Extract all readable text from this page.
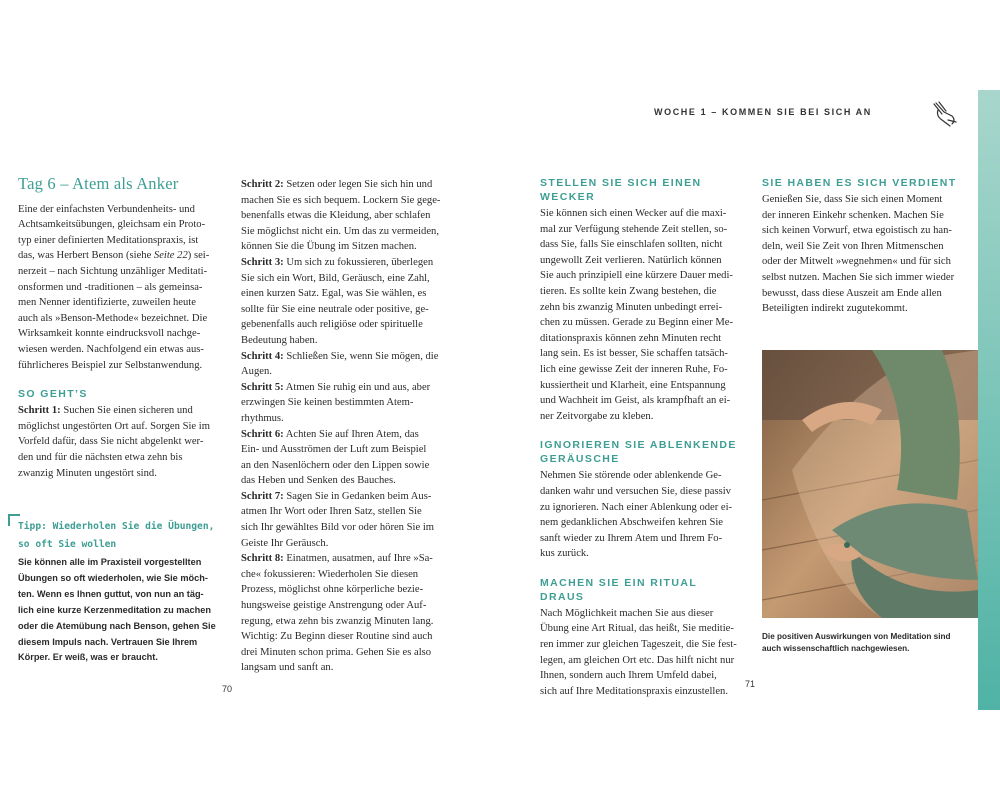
WOCHE 1 – KOMMEN SIE BEI SICH AN
Tag 6 – Atem als Anker

Eine der einfachsten Verbundenheits- und
Achtsamkeitsübungen, gleichsam ein Proto-
typ einer definierten Meditationspraxis, ist
das, was Herbert Benson (siehe Seite 22) sei-
nerzeit – nach Sichtung unzähliger Meditati-
onsformen und -traditionen – als gemeinsa-
men Nenner identifizierte, zuweilen heute
auch als »Benson-Methode« bezeichnet. Die
Wirksamkeit konnte eindrucksvoll nachge-
wiesen werden. Nachfolgend ein etwas aus-
führlicheres Beispiel zur Selbstanwendung.

SO GEHT’S

Schritt 1: Suchen Sie einen sicheren und
möglichst ungestörten Ort auf. Sorgen Sie im
Vorfeld dafür, dass Sie nicht abgelenkt wer-
den und für die nächsten etwa zehn bis
zwanzig Minuten ungestört sind.

Tipp: Wiederholen Sie die Übungen,
so oft Sie wollen
Sie können alle im Praxisteil vorgestellten
Übungen so oft wiederholen, wie Sie möch-
ten. Wenn es Ihnen guttut, von nun an täg-
lich eine kurze Kerzenmeditation zu machen
oder die Atemübung nach Benson, gehen Sie
diesem Impuls nach. Vertrauen Sie Ihrem
Körper. Er weiß, was er braucht.
70

Schritt 2: Setzen oder legen Sie sich hin und
machen Sie es sich bequem. Lockern Sie gege-
benenfalls etwas die Kleidung, aber schlafen
Sie möglichst nicht ein. Um das zu vermeiden,
können Sie die Übung im Sitzen machen.

Schritt 3: Um sich zu fokussieren, überlegen
Sie sich ein Wort, Bild, Geräusch, eine Zahl,
einen kurzen Satz. Egal, was Sie wählen, es
sollte für Sie eine neutrale oder positive, ge-
gebenenfalls auch religiöse oder spirituelle
Bedeutung haben.

Schritt 4: Schließen Sie, wenn Sie mögen, die
Augen.

Schritt 5: Atmen Sie ruhig ein und aus, aber
erzwingen Sie keinen bestimmten Atem-
rhythmus.

Schritt 6: Achten Sie auf Ihren Atem, das
Ein- und Ausströmen der Luft zum Beispiel
an den Nasenlöchern oder den Lippen sowie
das Heben und Senken des Bauches.

Schritt 7: Sagen Sie in Gedanken beim Aus-
atmen Ihr Wort oder Ihren Satz, stellen Sie
sich Ihr gewähltes Bild vor oder hören Sie im
Geiste Ihr Geräusch.

Schritt 8: Einatmen, ausatmen, auf Ihre »Sa-
che« fokussieren: Wiederholen Sie diesen
Prozess, möglichst ohne körperliche bezie-
hungsweise geistige Anstrengung oder Auf-
regung, etwa zehn bis zwanzig Minuten lang.
Wichtig: Zu Beginn dieser Routine sind auch
drei Minuten schon prima. Gehen Sie es also
langsam und sanft an.

STELLEN SIE SICH EINEN WECKER

Sie können sich einen Wecker auf die maxi-
mal zur Verfügung stehende Zeit stellen, so-
dass Sie, falls Sie einschlafen sollten, nicht
ungewollt Zeit verlieren. Natürlich können
Sie auch prinzipiell eine kürzere Dauer medi-
tieren. Es sollte kein Zwang bestehen, die
zehn bis zwanzig Minuten unbedingt errei-
chen zu müssen. Gerade zu Beginn einer Me-
ditationspraxis können zehn Minuten recht
lang sein. Es ist besser, Sie schaffen tatsäch-
lich eine gewisse Zeit der inneren Ruhe, Fo-
kussiertheit und Klarheit, eine Entspannung
und Wachheit im Geist, als krampfhaft an ei-
ner Zeitvorgabe zu kleben.

IGNORIEREN SIE ABLENKENDE
GERÄUSCHE

Nehmen Sie störende oder ablenkende Ge-
danken wahr und versuchen Sie, diese passiv
zu ignorieren. Nach einer Ablenkung oder ei-
nem gedanklichen Abschweifen kehren Sie
sanft wieder zu Ihrem Atem und Ihrem Fo-
kus zurück.

MACHEN SIE EIN RITUAL DRAUS

Nach Möglichkeit machen Sie aus dieser
Übung eine Art Ritual, das heißt, Sie meditie-
ren immer zur gleichen Tageszeit, die Sie fest-
legen, am gleichen Ort etc. Das hilft nicht nur
Ihnen, sondern auch Ihrem Umfeld dabei,
sich auf Ihre Meditationspraxis einzustellen.

SIE HABEN ES SICH VERDIENT

Genießen Sie, dass Sie sich einen Moment
der inneren Einkehr schenken. Machen Sie
sich keinen Vorwurf, etwa egoistisch zu han-
deln, weil Sie Zeit von Ihren Mitmenschen
oder der Mitwelt »wegnehmen« und für sich
selbst nutzen. Machen Sie sich immer wieder
bewusst, dass diese Auszeit am Ende allen
Beteiligten indirekt zugutekommt.

Die positiven Auswirkungen von Meditation sind
auch wissenschaftlich nachgewiesen.
71
